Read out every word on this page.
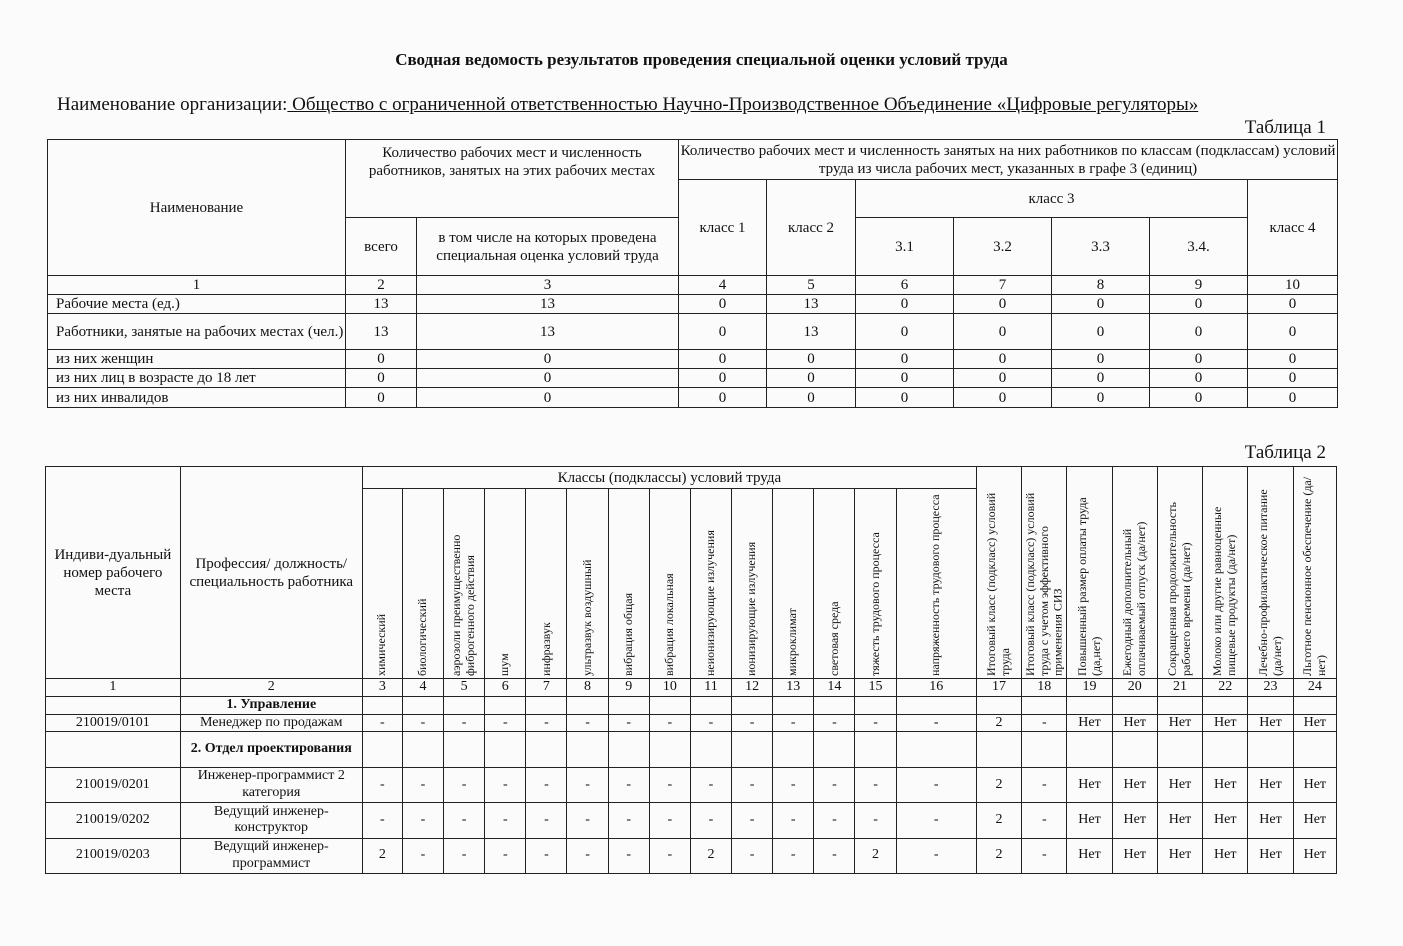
Сводная ведомость результатов проведения специальной оценки условий труда
Наименование организации: Общество с ограниченной ответственностью Научно-Производственное Объединение «Цифровые регуляторы»
Таблица 1
Наименование	Количество рабочих мест и численность работников, занятых на этих рабочих местах		Количество рабочих мест и численность занятых на них работников по классам (подклассам) условий труда из числа рабочих мест, указанных в графе 3 (единиц)						
			класс 1	класс 2	класс 3				класс 4
	всего	в том числе на которых проведена специальная оценка условий труда			3.1	3.2	3.3	3.4.	
1	2	3	4	5	6	7	8	9	10
Рабочие места (ед.)	13	13	0	13	0	0	0	0	0
Работники, занятые на рабочих местах (чел.)	13	13	0	13	0	0	0	0	0
из них женщин	0	0	0	0	0	0	0	0	0
из них лиц в возрасте до 18 лет	0	0	0	0	0	0	0	0	0
из них инвалидов	0	0	0	0	0	0	0	0	0
Таблица 2
Индиви-дуальный номер рабочего места	Профессия/ должность/ специальность работника	Классы (подклассы) условий труда														Итоговый класс (подкласс) условий труда	Итоговый класс (подкласс) условий труда с учетом эффективного применения СИЗ	Повышенный размер оплаты труда (да,нет)	Ежегодный дополнительный оплачиваемый отпуск (да/нет)	Сокращенная продолжительность рабочего времени (да/нет)	Молоко или другие равноценные пищевые продукты (да/нет)	Лечебно-профилактическое питание (да/нет)	Льготное пенсионное обеспечение (да/нет)

		химический	биологический	аэрозоли преимущественно фиброгенного действия	шум	инфразвук	ультразвук воздушный	вибрация общая	вибрация локальная	неионизирующие излучения	ионизирующие излучения	микроклимат	световая среда	тяжесть трудового процесса	напряженность трудового процесса								

1	2	3	4	5	6	7	8	9	10	11	12	13	14	15	16	17	18	19	20	21	22	23	24
	1. Управление																						
210019/0101	Менеджер по продажам	-	-	-	-	-	-	-	-	-	-	-	-	-	-	2	-	Нет	Нет	Нет	Нет	Нет	Нет
	2. Отдел проектирования																						
210019/0201	Инженер-программист 2 категория	-	-	-	-	-	-	-	-	-	-	-	-	-	-	2	-	Нет	Нет	Нет	Нет	Нет	Нет
210019/0202	Ведущий инженер-конструктор	-	-	-	-	-	-	-	-	-	-	-	-	-	-	2	-	Нет	Нет	Нет	Нет	Нет	Нет
210019/0203	Ведущий инженер-программист	2	-	-	-	-	-	-	-	2	-	-	-	2	-	2	-	Нет	Нет	Нет	Нет	Нет	Нет
